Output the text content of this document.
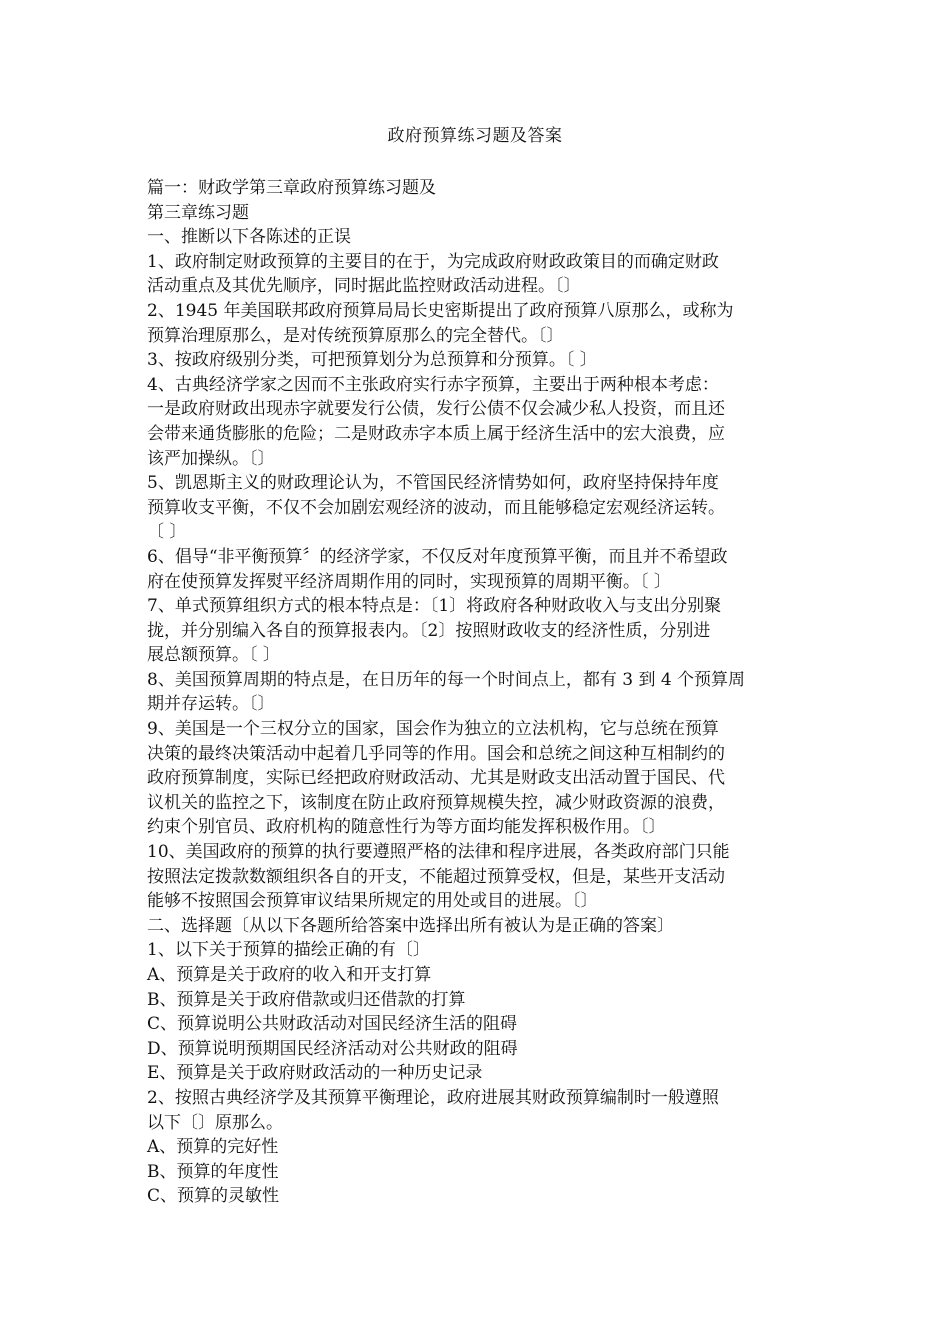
政府预算练习题及答案
篇一：财政学第三章政府预算练习题及
第三章练习题
一、推断以下各陈述的正误
1、政府制定财政预算的主要目的在于，为完成政府财政政策目的而确定财政
活动重点及其优先顺序，同时据此监控财政活动进程。〔〕
2、1945 年美国联邦政府预算局局长史密斯提出了政府预算八原那么，或称为
预算治理原那么，是对传统预算原那么的完全替代。〔〕
3、按政府级别分类，可把预算划分为总预算和分预算。〔 〕
4、古典经济学家之因而不主张政府实行赤字预算，主要出于两种根本考虑：
一是政府财政出现赤字就要发行公债，发行公债不仅会减少私人投资，而且还
会带来通货膨胀的危险；二是财政赤字本质上属于经济生活中的宏大浪费，应
该严加操纵。〔〕
5、凯恩斯主义的财政理论认为，不管国民经济情势如何，政府坚持保持年度
预算收支平衡，不仅不会加剧宏观经济的波动，而且能够稳定宏观经济运转。
〔 〕
6、倡导“非平衡预算〞的经济学家，不仅反对年度预算平衡，而且并不希望政
府在使预算发挥熨平经济周期作用的同时，实现预算的周期平衡。〔 〕
7、单式预算组织方式的根本特点是：〔1〕将政府各种财政收入与支出分别聚
拢，并分别编入各自的预算报表内。〔2〕按照财政收支的经济性质，分别进
展总额预算。〔 〕
8、美国预算周期的特点是，在日历年的每一个时间点上，都有 3 到 4 个预算周
期并存运转。〔〕
9、美国是一个三权分立的国家，国会作为独立的立法机构，它与总统在预算
决策的最终决策活动中起着几乎同等的作用。国会和总统之间这种互相制约的
政府预算制度，实际已经把政府财政活动、尤其是财政支出活动置于国民、代
议机关的监控之下，该制度在防止政府预算规模失控，减少财政资源的浪费，
约束个别官员、政府机构的随意性行为等方面均能发挥积极作用。〔〕
10、美国政府的预算的执行要遵照严格的法律和程序进展，各类政府部门只能
按照法定拨款数额组织各自的开支，不能超过预算受权，但是，某些开支活动
能够不按照国会预算审议结果所规定的用处或目的进展。〔〕
二、选择题〔从以下各题所给答案中选择出所有被认为是正确的答案〕
1、以下关于预算的描绘正确的有〔〕
A、预算是关于政府的收入和开支打算
B、预算是关于政府借款或归还借款的打算
C、预算说明公共财政活动对国民经济生活的阻碍
D、预算说明预期国民经济活动对公共财政的阻碍
E、预算是关于政府财政活动的一种历史记录
2、按照古典经济学及其预算平衡理论，政府进展其财政预算编制时一般遵照
以下〔〕原那么。
A、预算的完好性
B、预算的年度性
C、预算的灵敏性
